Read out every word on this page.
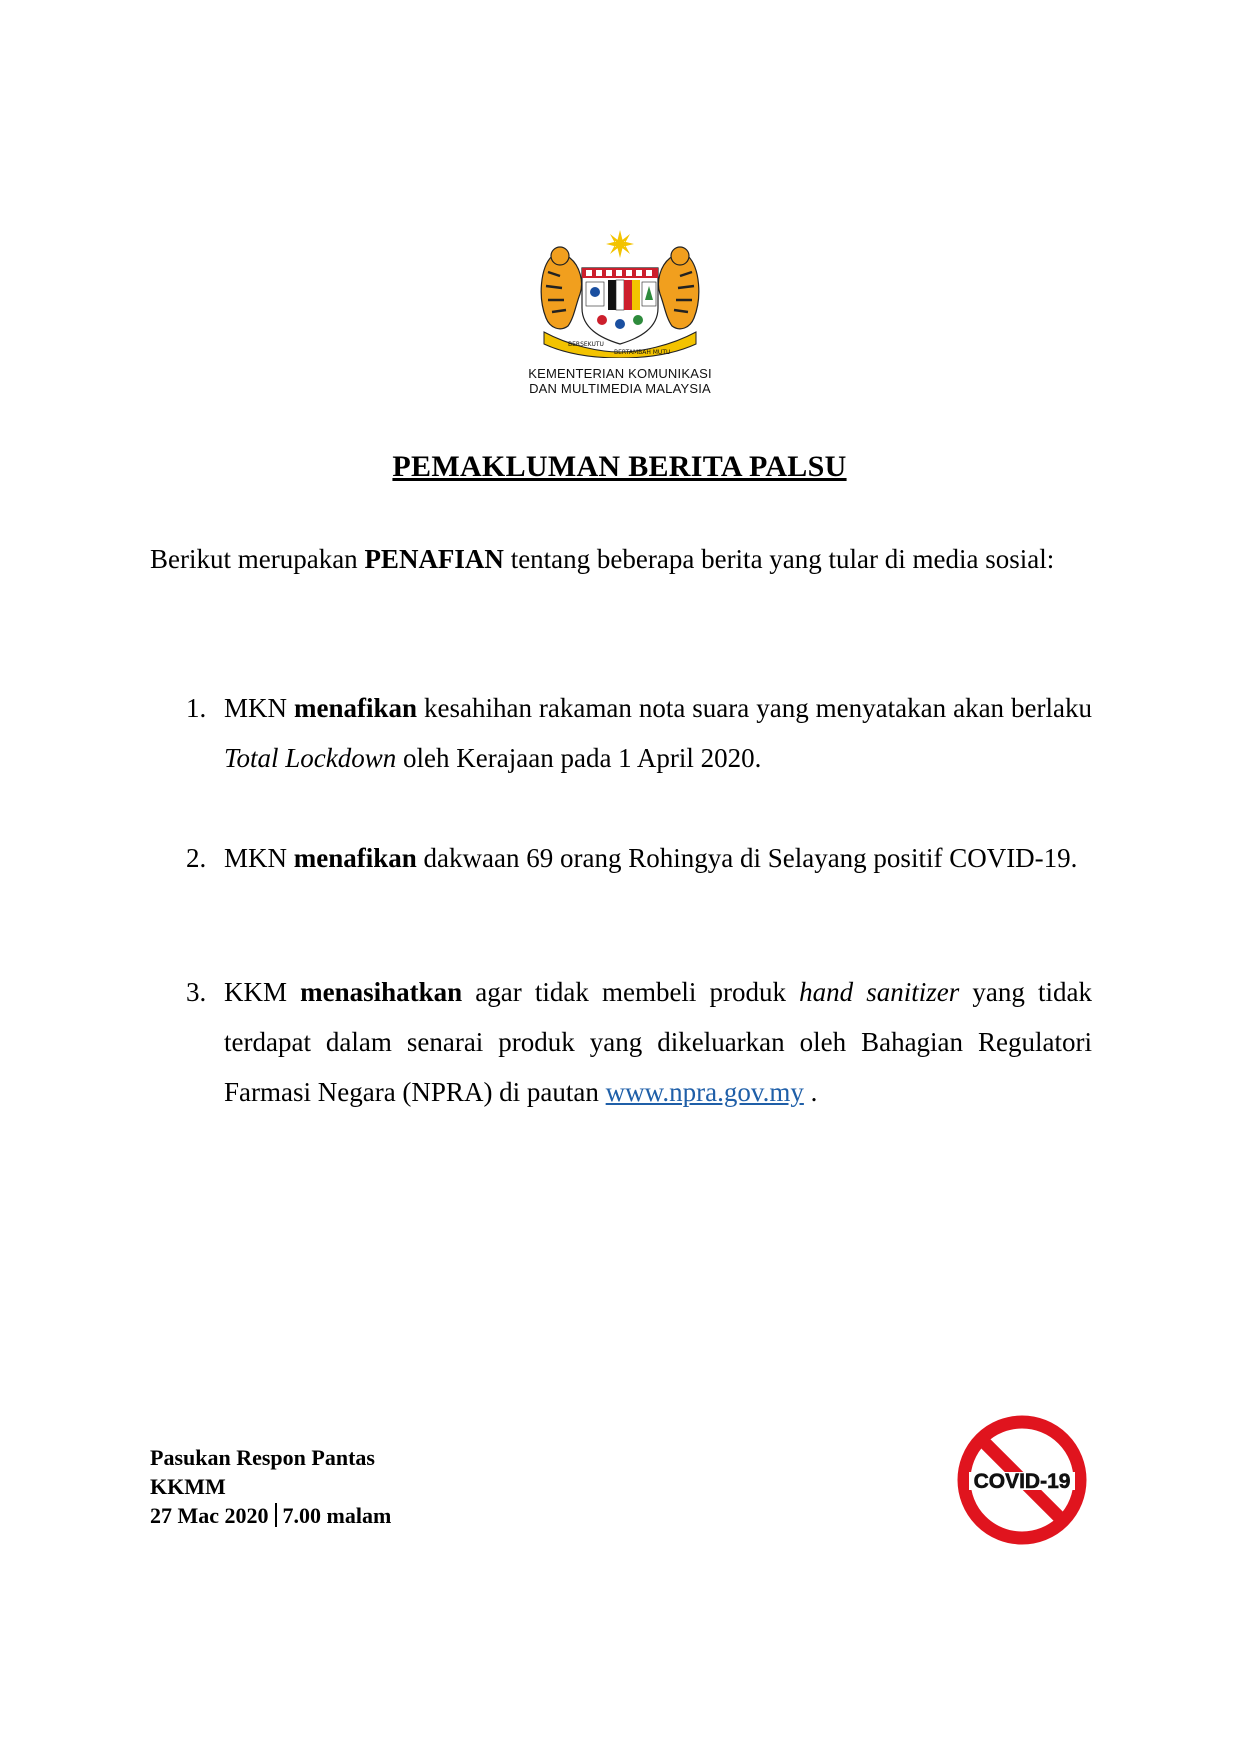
BERSEKUTU
BERTAMBAH MUTU
KEMENTERIAN KOMUNIKASI
DAN MULTIMEDIA MALAYSIA
PEMAKLUMAN BERITA PALSU
Berikut merupakan PENAFIAN tentang beberapa berita yang tular di media sosial:
1. MKN menafikan kesahihan rakaman nota suara yang menyatakan akan berlaku Total Lockdown oleh Kerajaan pada 1 April 2020.
2. MKN menafikan dakwaan 69 orang Rohingya di Selayang positif COVID-19.
3. KKM menasihatkan agar tidak membeli produk hand sanitizer yang tidak terdapat dalam senarai produk yang dikeluarkan oleh Bahagian Regulatori Farmasi Negara (NPRA) di pautan www.npra.gov.my .
Pasukan Respon Pantas
KKMM
27 Mac 2020 7.00 malam
COVID-19
